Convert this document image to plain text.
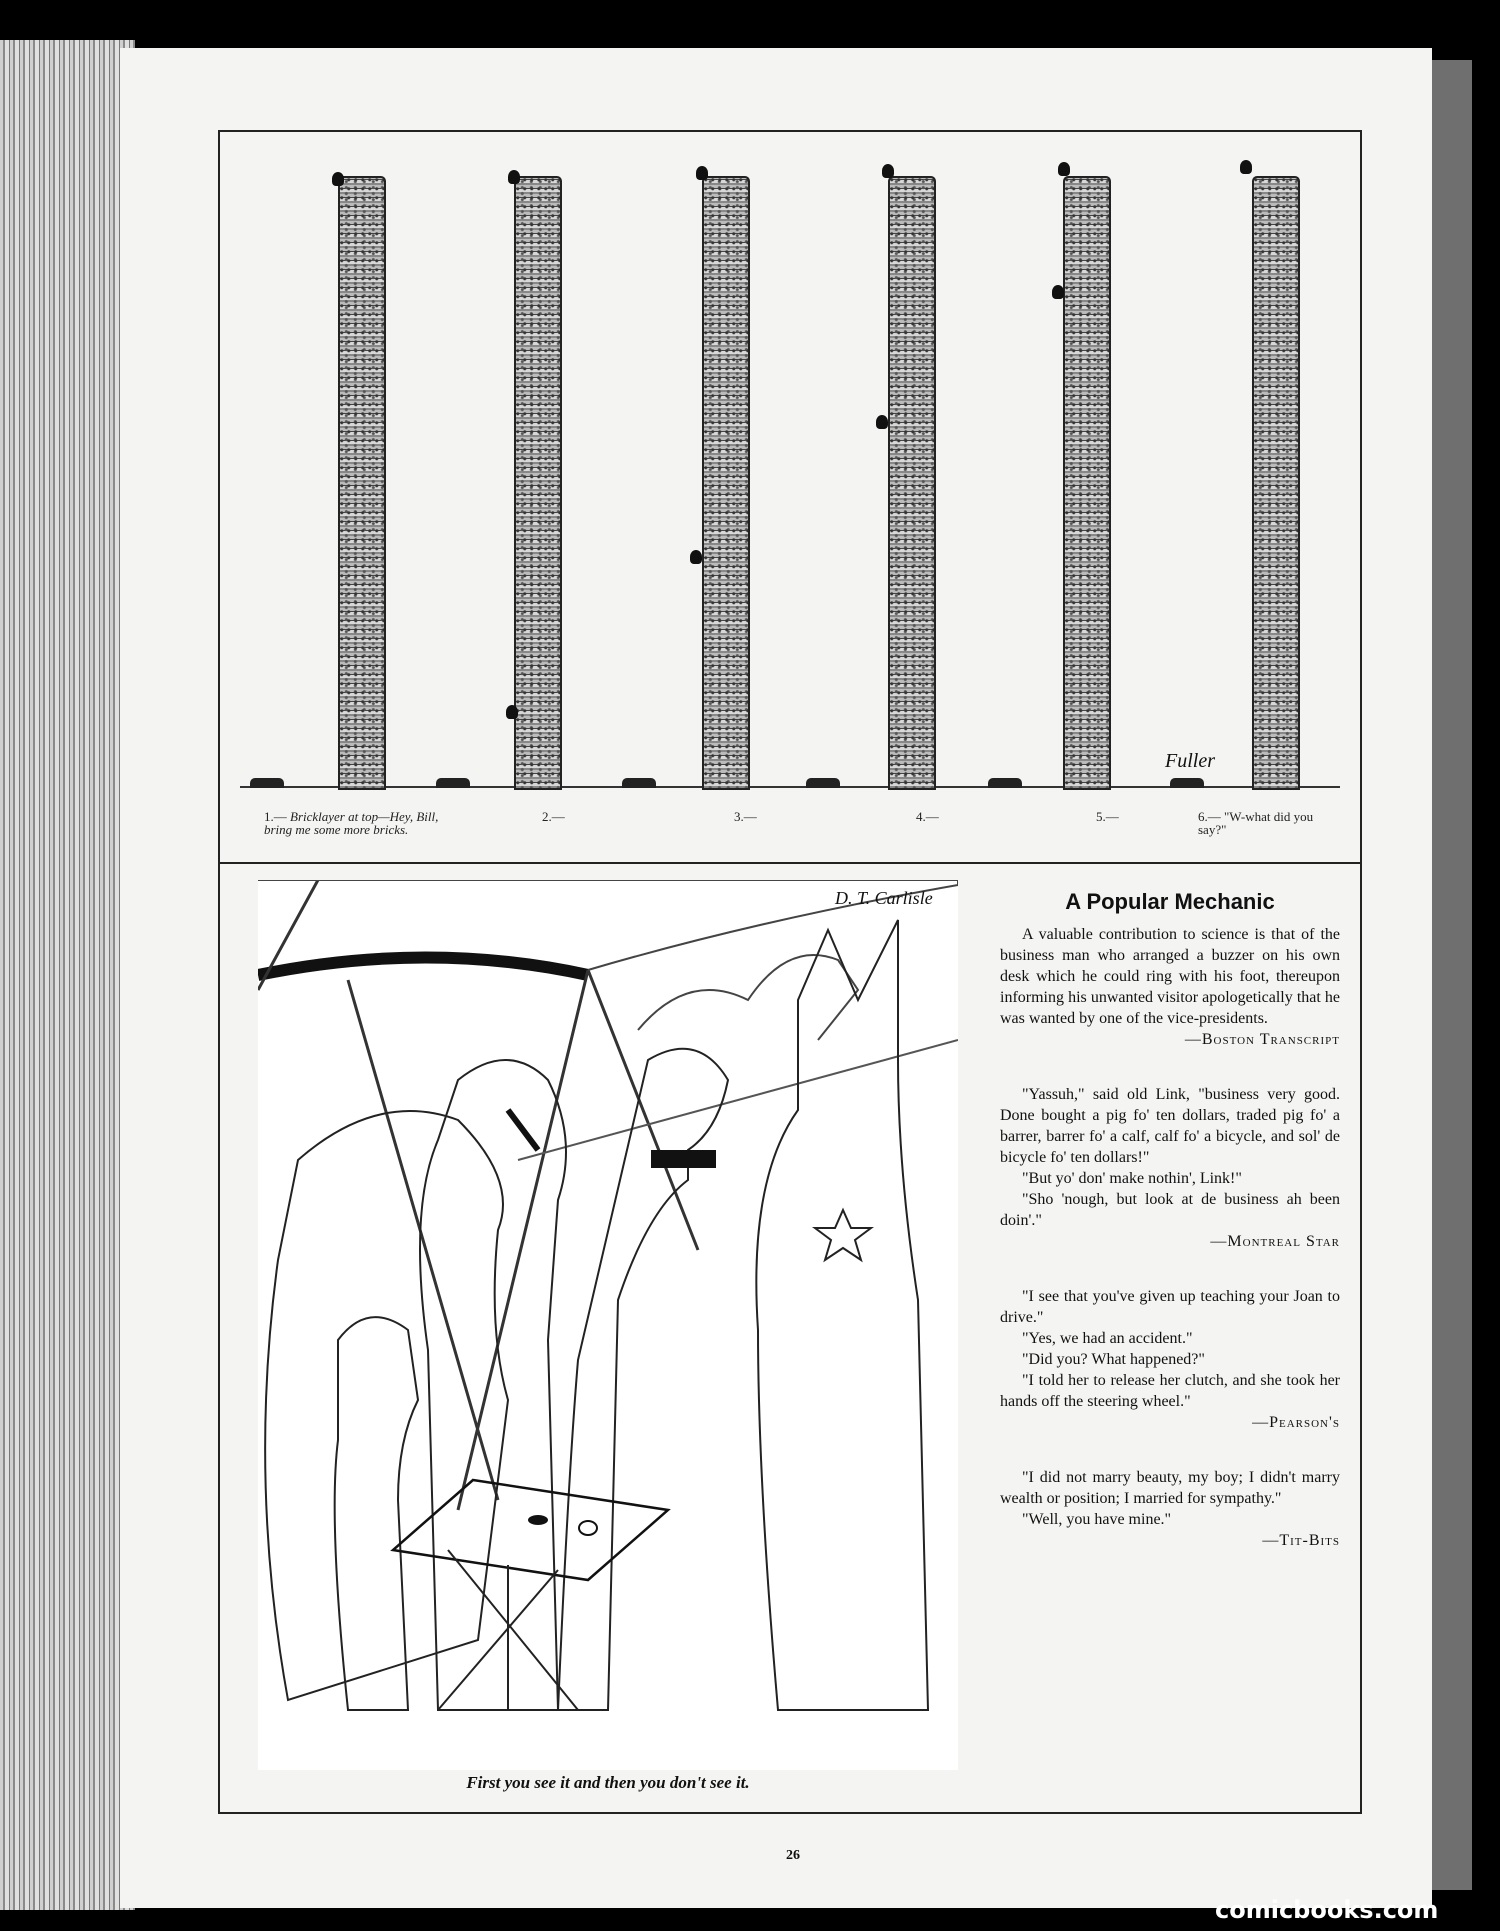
Fuller
1.— Bricklayer at top—Hey, Bill, bring me some more bricks.
2.—	3.—	4.—	5.—	6.— "W-what did you say?"
D. T. Carlisle
First you see it and then you don't see it.
A Popular Mechanic

A valuable contribution to science is that of the business man who arranged a buzzer on his own desk which he could ring with his foot, thereupon informing his unwanted visitor apologetically that he was wanted by one of the vice-presidents.

—Boston Transcript

"Yassuh," said old Link, "business very good. Done bought a pig fo' ten dollars, traded pig fo' a barrer, barrer fo' a calf, calf fo' a bicycle, and sol' de bicycle fo' ten dollars!"

"But yo' don' make nothin', Link!"

"Sho 'nough, but look at de business ah been doin'."

—Montreal Star

"I see that you've given up teaching your Joan to drive."

"Yes, we had an accident."

"Did you? What happened?"

"I told her to release her clutch, and she took her hands off the steering wheel."

—Pearson's

"I did not marry beauty, my boy; I didn't marry wealth or position; I married for sympathy."

"Well, you have mine."

—Tit-Bits
26
comicbooks.com
